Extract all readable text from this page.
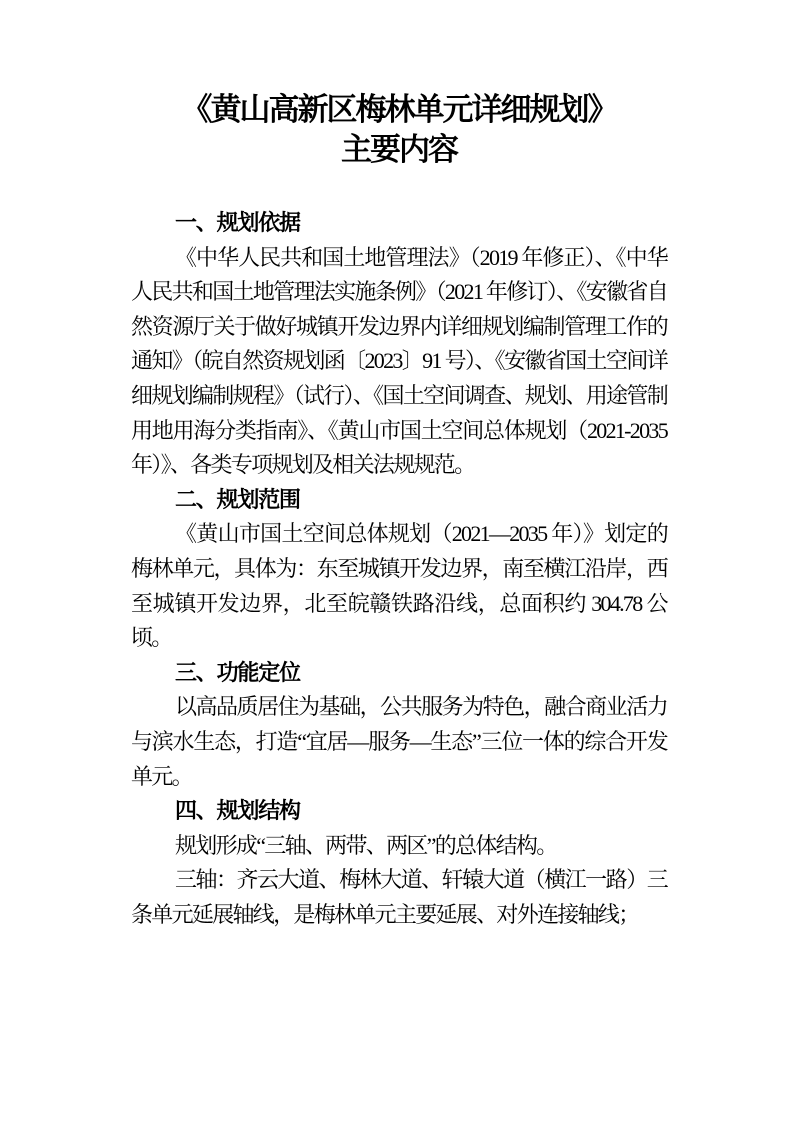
《黄山高新区梅林单元详细规划》
主要内容
一、规划依据

《中华人民共和国土地管理法》（2019 年修正）、《中华人民共和国土地管理法实施条例》（2021 年修订）、《安徽省自然资源厅关于做好城镇开发边界内详细规划编制管理工作的通知》（皖自然资规划函〔2023〕91 号）、《安徽省国土空间详细规划编制规程》（试行）、《国土空间调查、规划、用途管制用地用海分类指南》、《黄山市国土空间总体规划（2021-2035 年）》、各类专项规划及相关法规规范。

二、规划范围

《黄山市国土空间总体规划（2021—2035 年）》划定的梅林单元，具体为：东至城镇开发边界，南至横江沿岸，西至城镇开发边界，北至皖赣铁路沿线，总面积约 304.78 公顷。

三、功能定位

以高品质居住为基础，公共服务为特色，融合商业活力与滨水生态，打造“宜居—服务—生态”三位一体的综合开发单元。

四、规划结构

规划形成“三轴、两带、两区”的总体结构。

三轴：齐云大道、梅林大道、轩辕大道（横江一路）三条单元延展轴线，是梅林单元主要延展、对外连接轴线；
